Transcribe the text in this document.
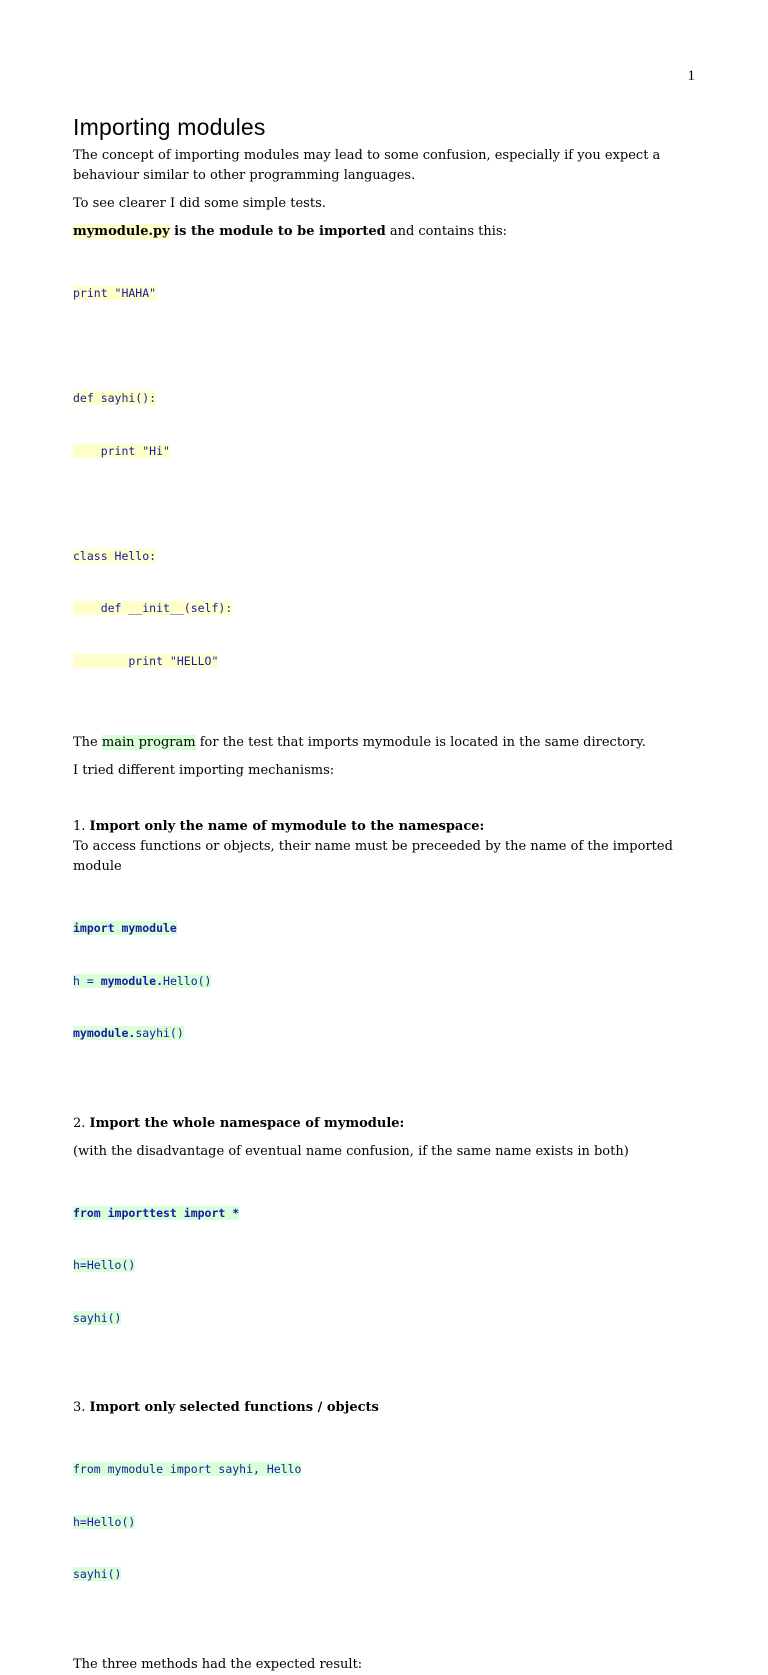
1
Importing modules

The concept of importing modules may lead to some confusion, especially if you expect a behaviour similar to other programming languages.

To see clearer I did some simple tests.

mymodule.py is the module to be imported and contains this:

print "HAHA"

def sayhi():

print "Hi"

class Hello:

def __init__(self):

print "HELLO"

The main program for the test that imports mymodule is located in the same directory.

I tried different importing mechanisms:

1. Import only the name of mymodule to the namespace:

To access functions or objects, their name must be preceeded by the name of the imported module

import mymodule

h = mymodule.Hello()

mymodule.sayhi()

2. Import the whole namespace of mymodule:

(with the disadvantage of eventual name confusion, if the same name exists in both)

from importtest import *

h=Hello()

sayhi()

3. Import only selected functions / objects

from mymodule import sayhi, Hello

h=Hello()

sayhi()

The three methods had the expected result:
